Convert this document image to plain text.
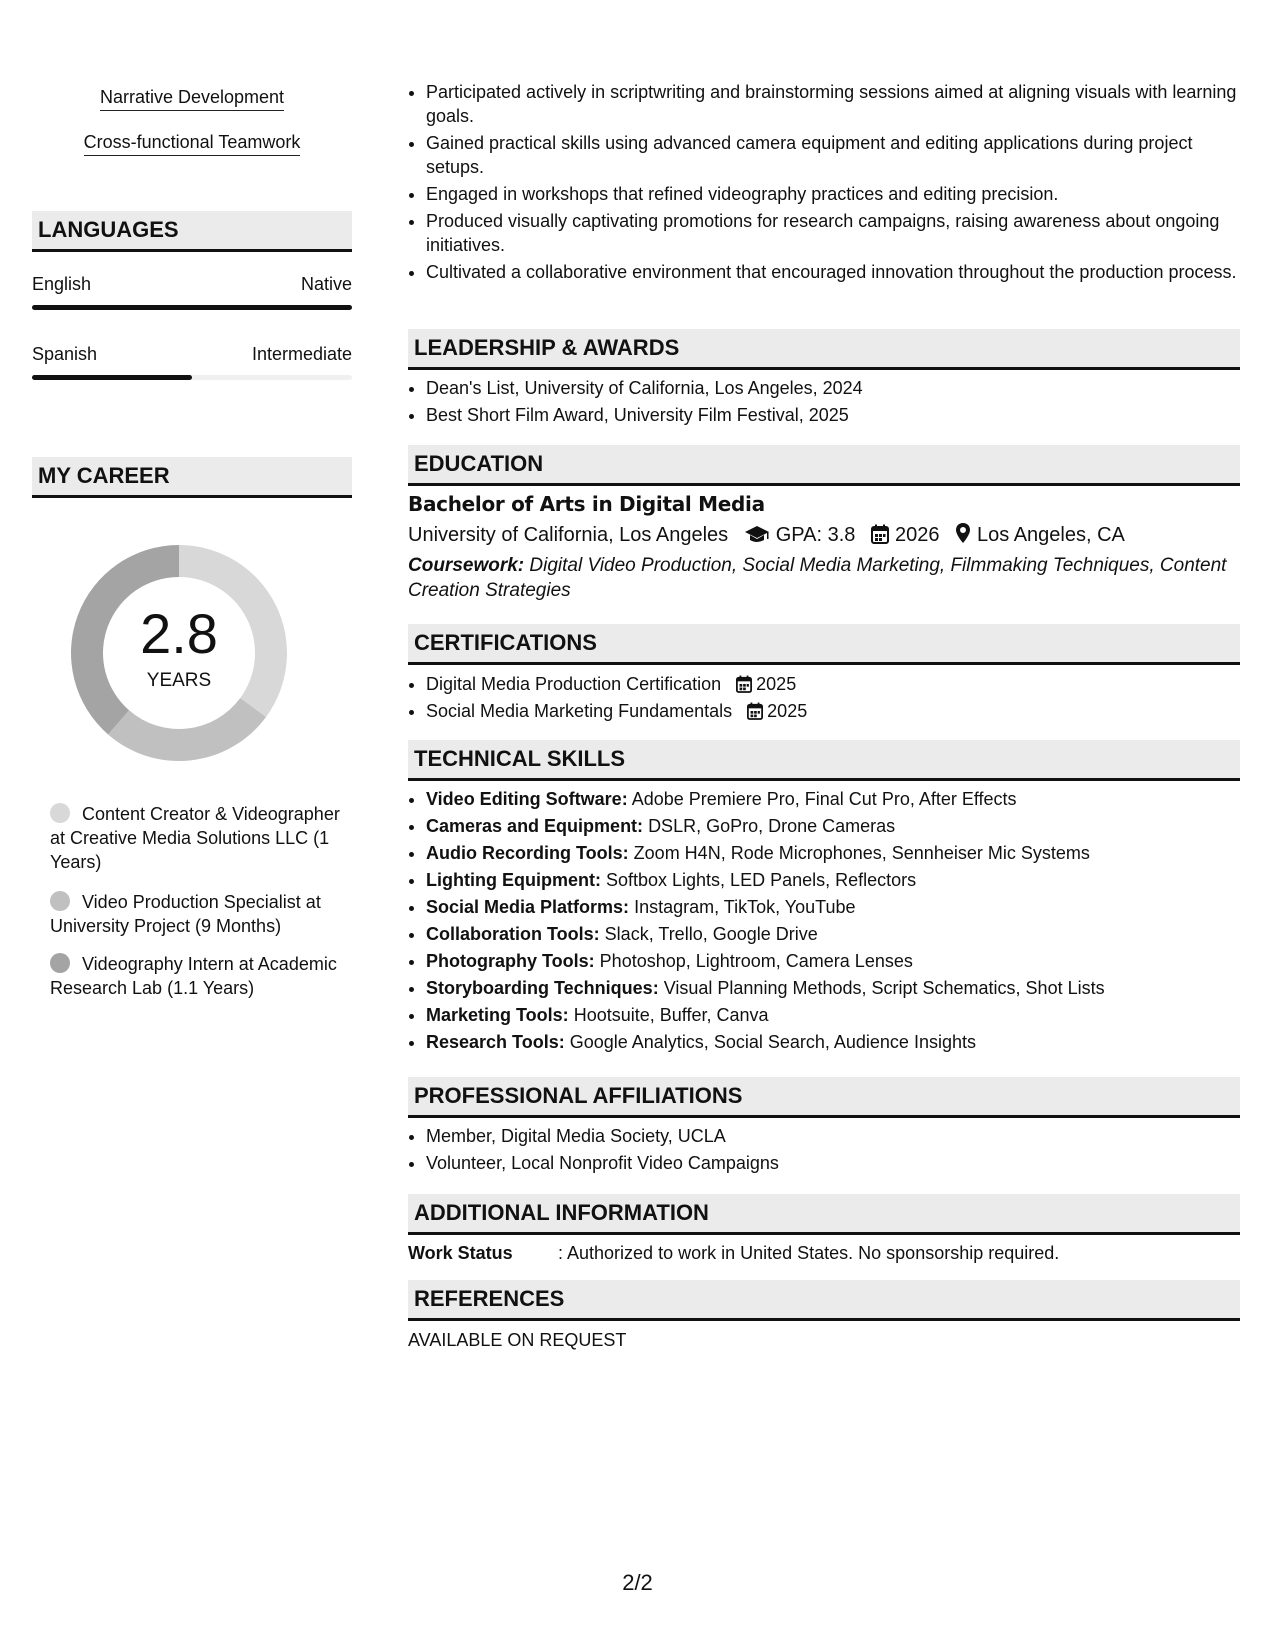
Narrative Development
Cross-functional Teamwork
LANGUAGES
English	Native
Spanish	Intermediate
MY CAREER
2.8
YEARS
Content Creator & Videographer at Creative Media Solutions LLC (1 Years)
Video Production Specialist at University Project (9 Months)
Videography Intern at Academic Research Lab (1.1 Years)
• Participated actively in scriptwriting and brainstorming sessions aimed at aligning visuals with learning goals.
• Gained practical skills using advanced camera equipment and editing applications during project setups.
• Engaged in workshops that refined videography practices and editing precision.
• Produced visually captivating promotions for research campaigns, raising awareness about ongoing initiatives.
• Cultivated a collaborative environment that encouraged innovation throughout the production process.
LEADERSHIP & AWARDS
• Dean's List, University of California, Los Angeles, 2024
• Best Short Film Award, University Film Festival, 2025
EDUCATION
Bachelor of Arts in Digital Media
University of California, Los Angeles GPA: 3.8 2026 Los Angeles, CA
Coursework: Digital Video Production, Social Media Marketing, Filmmaking Techniques, Content Creation Strategies
CERTIFICATIONS
• Digital Media Production Certification 2025
• Social Media Marketing Fundamentals 2025
TECHNICAL SKILLS
• Video Editing Software: Adobe Premiere Pro, Final Cut Pro, After Effects
• Cameras and Equipment: DSLR, GoPro, Drone Cameras
• Audio Recording Tools: Zoom H4N, Rode Microphones, Sennheiser Mic Systems
• Lighting Equipment: Softbox Lights, LED Panels, Reflectors
• Social Media Platforms: Instagram, TikTok, YouTube
• Collaboration Tools: Slack, Trello, Google Drive
• Photography Tools: Photoshop, Lightroom, Camera Lenses
• Storyboarding Techniques: Visual Planning Methods, Script Schematics, Shot Lists
• Marketing Tools: Hootsuite, Buffer, Canva
• Research Tools: Google Analytics, Social Search, Audience Insights
PROFESSIONAL AFFILIATIONS
• Member, Digital Media Society, UCLA
• Volunteer, Local Nonprofit Video Campaigns
ADDITIONAL INFORMATION
Work Status	: Authorized to work in United States. No sponsorship required.
REFERENCES
AVAILABLE ON REQUEST
2/2
